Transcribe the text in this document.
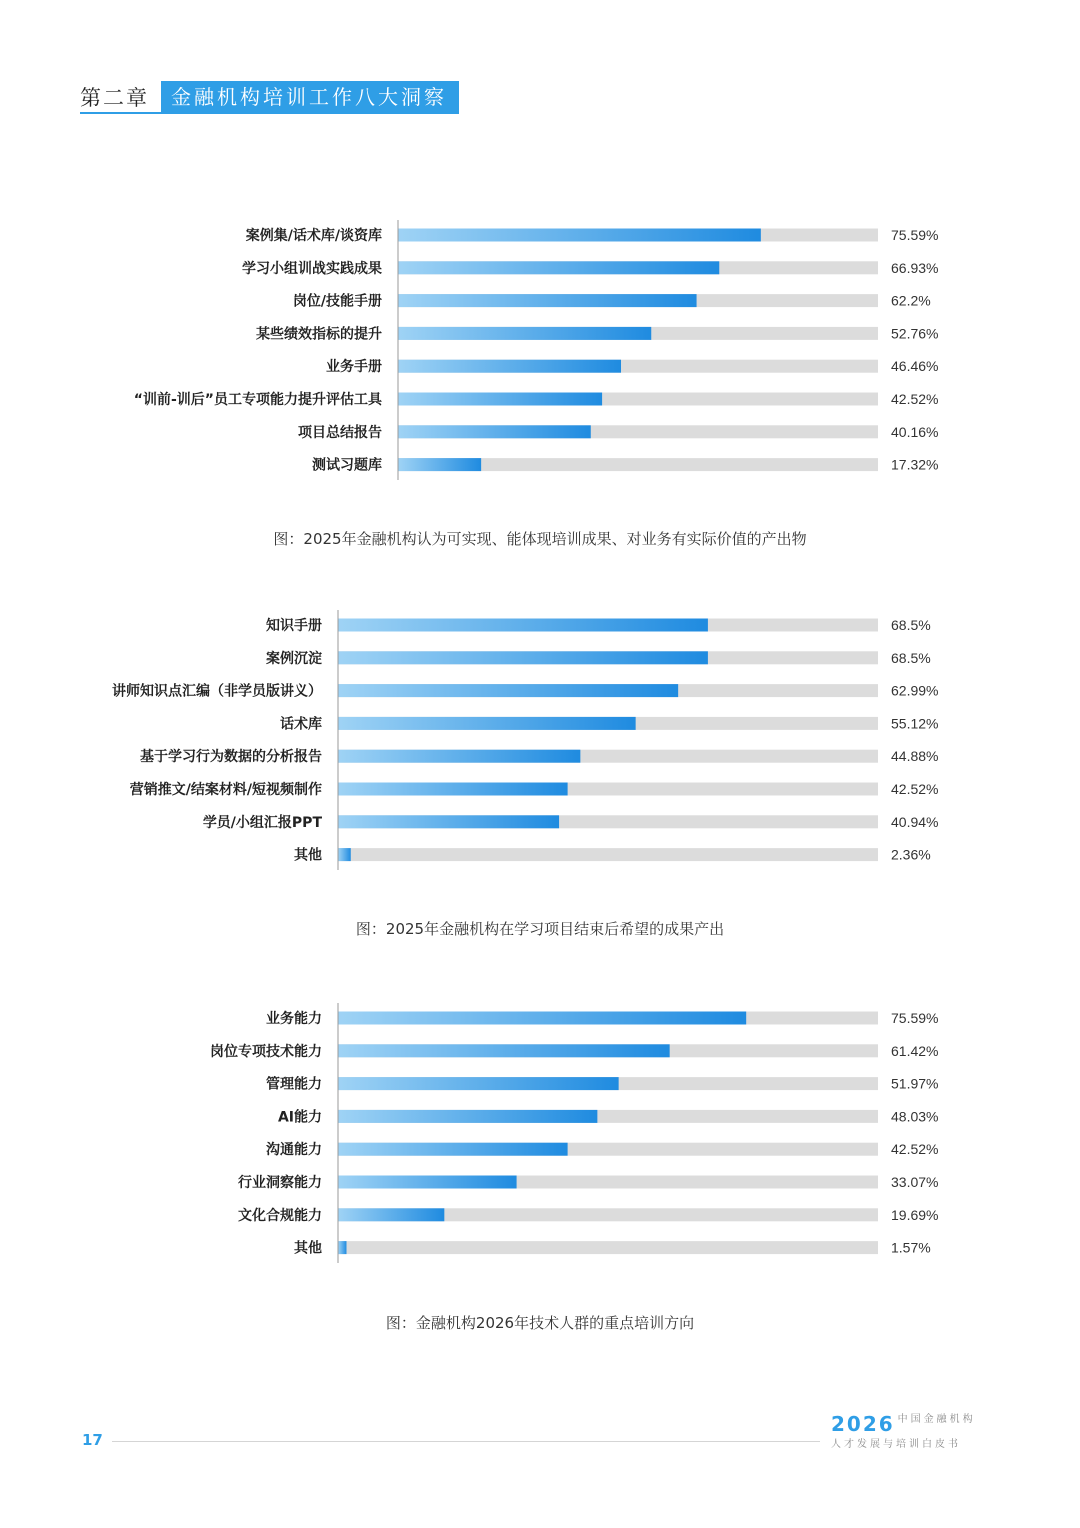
第二章	金融机构培训工作八大洞察
案例集/话术库/谈资库	75.59%
学习小组训战实践成果	66.93%
岗位/技能手册	62.2%
某些绩效指标的提升	52.76%
业务手册	46.46%
“训前-训后”员工专项能力提升评估工具	42.52%
项目总结报告	40.16%
测试习题库	17.32%
图：2025年金融机构认为可实现、能体现培训成果、对业务有实际价值的产出物
知识手册	68.5%
案例沉淀	68.5%
讲师知识点汇编（非学员版讲义）	62.99%
话术库	55.12%
基于学习行为数据的分析报告	44.88%
营销推文/结案材料/短视频制作	42.52%
学员/小组汇报PPT	40.94%
其他	2.36%
图：2025年金融机构在学习项目结束后希望的成果产出
业务能力	75.59%
岗位专项技术能力	61.42%
管理能力	51.97%
AI能力	48.03%
沟通能力	42.52%
行业洞察能力	33.07%
文化合规能力	19.69%
其他	1.57%
图：金融机构2026年技术人群的重点培训方向
17
2026 中国金融机构
人才发展与培训白皮书
